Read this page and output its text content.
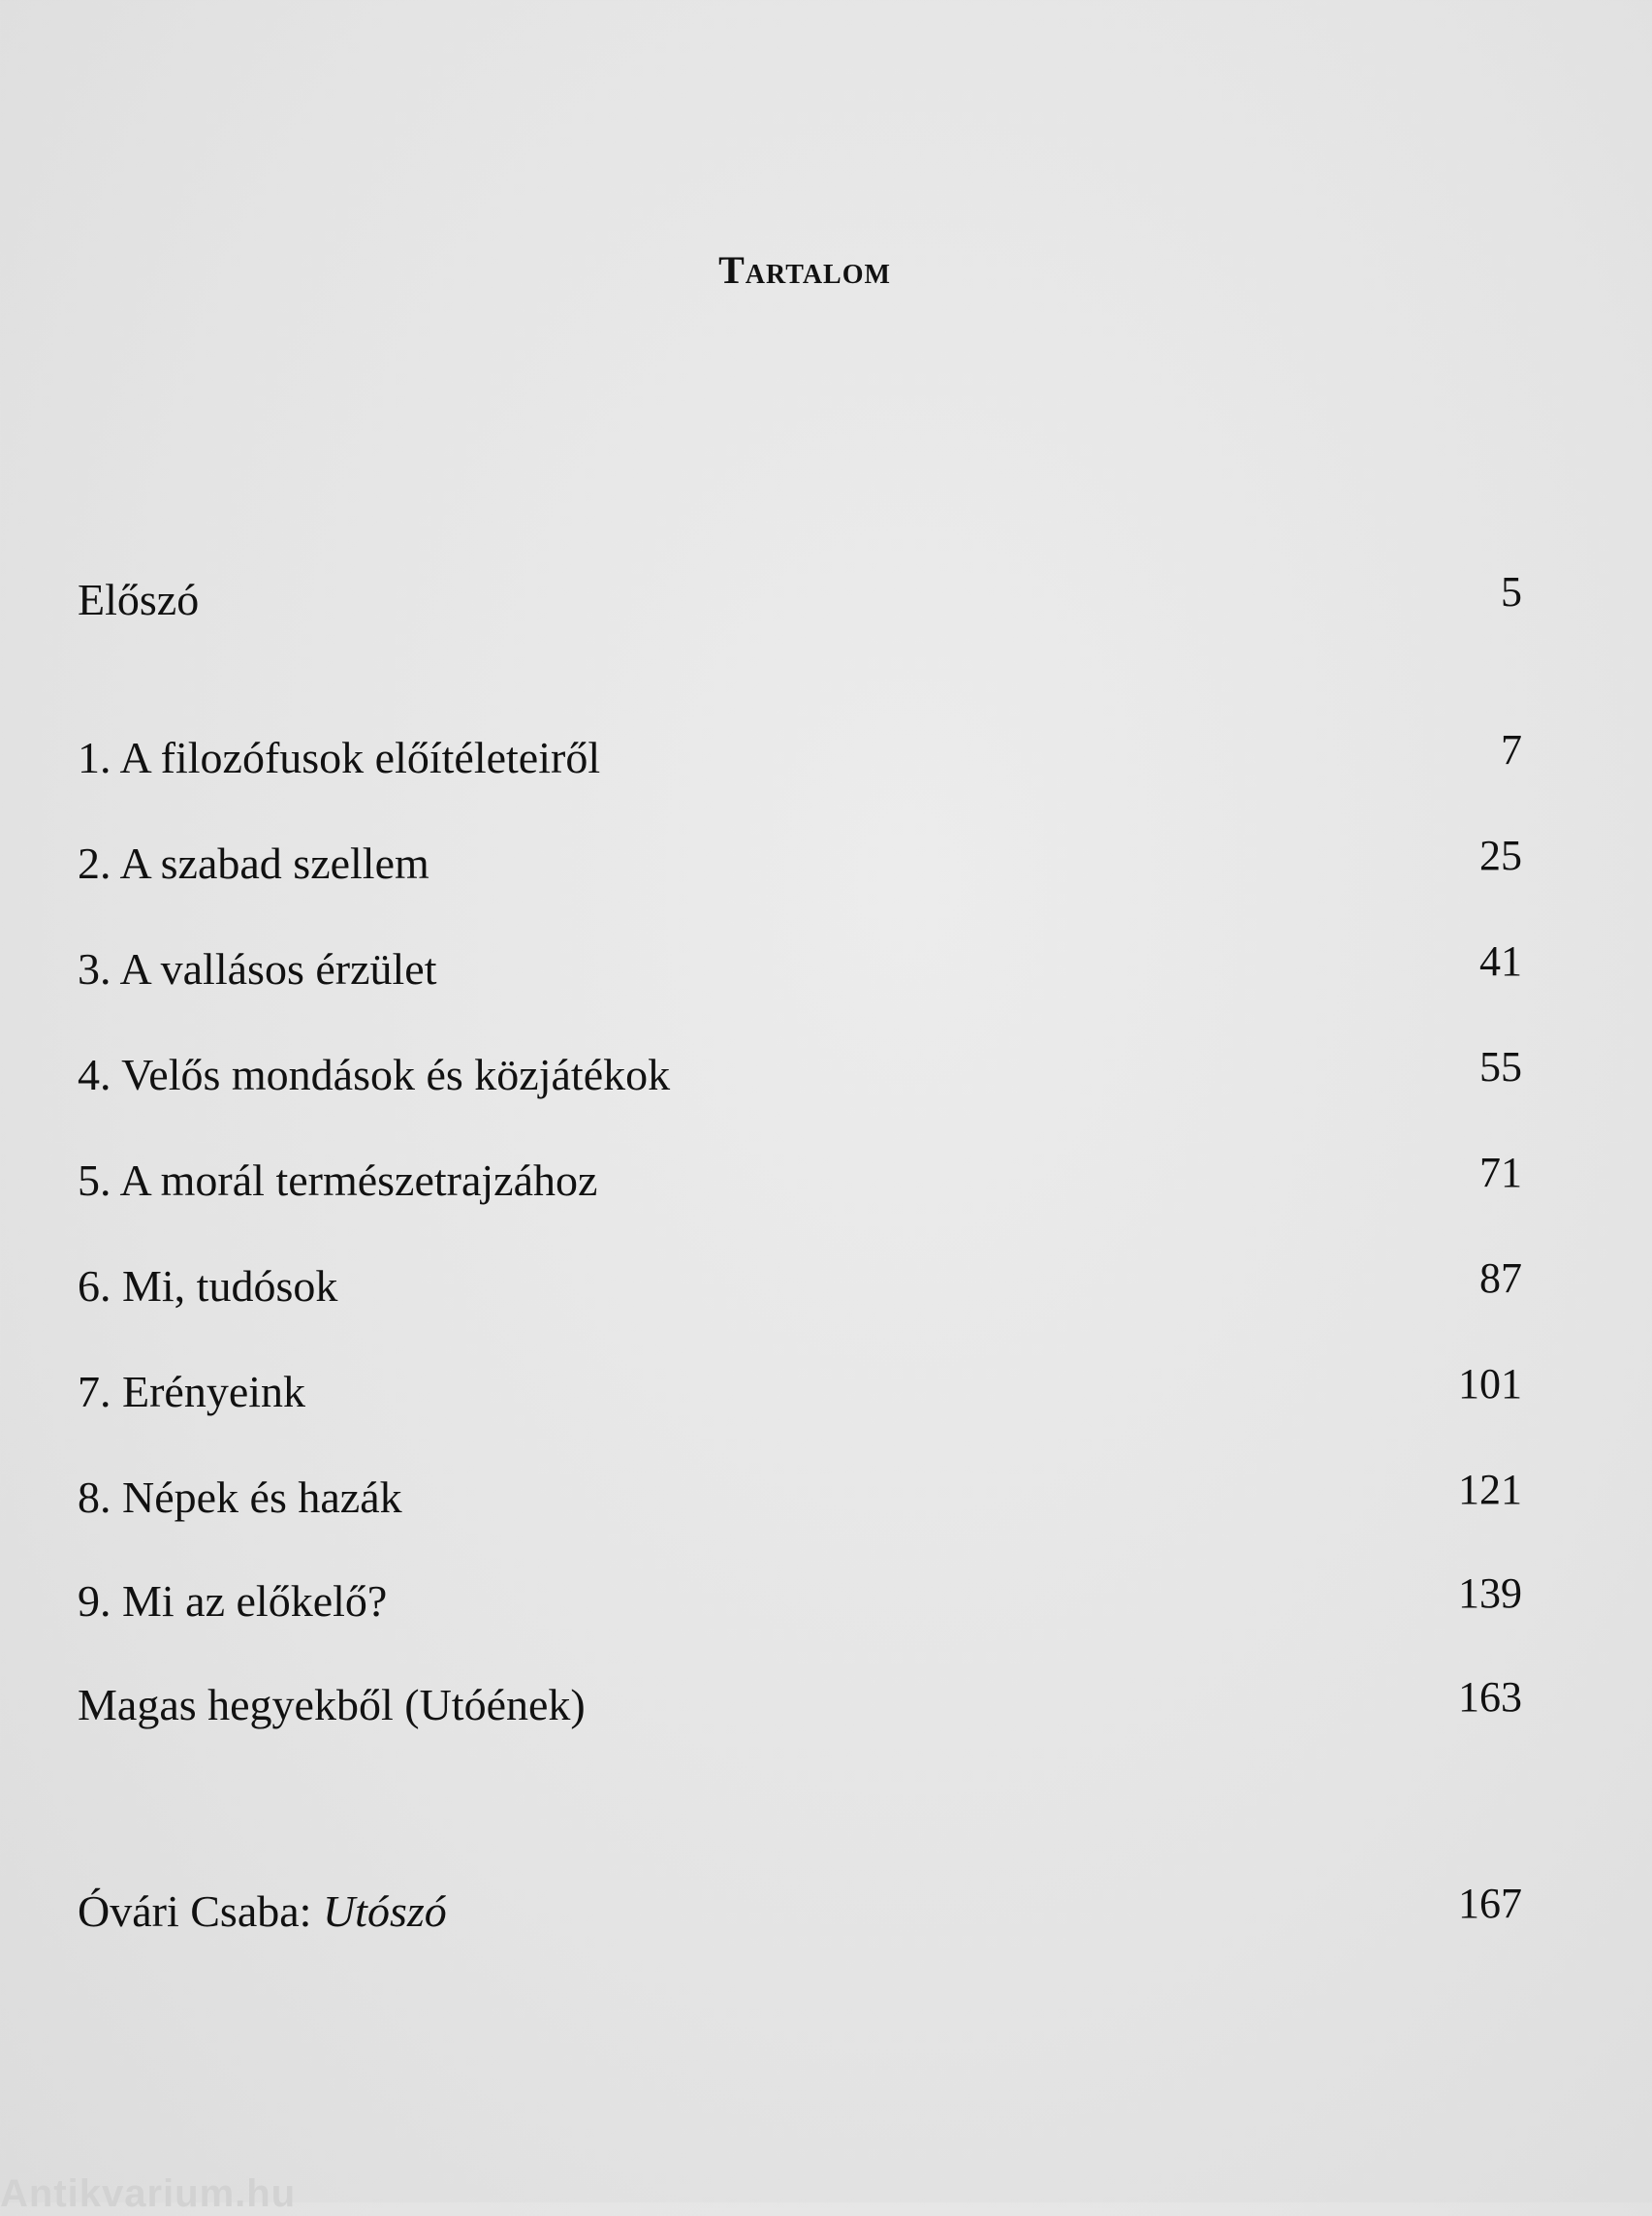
Tartalom
Előszó	5
1. A filozófusok előítéleteiről	7
2. A szabad szellem	25
3. A vallásos érzület	41
4. Velős mondások és közjátékok	55
5. A morál természetrajzához	71
6. Mi, tudósok	87
7. Erényeink	101
8. Népek és hazák	121
9. Mi az előkelő?	139
Magas hegyekből (Utóének)	163
Óvári Csaba: Utószó	167
Antikvarium.hu
